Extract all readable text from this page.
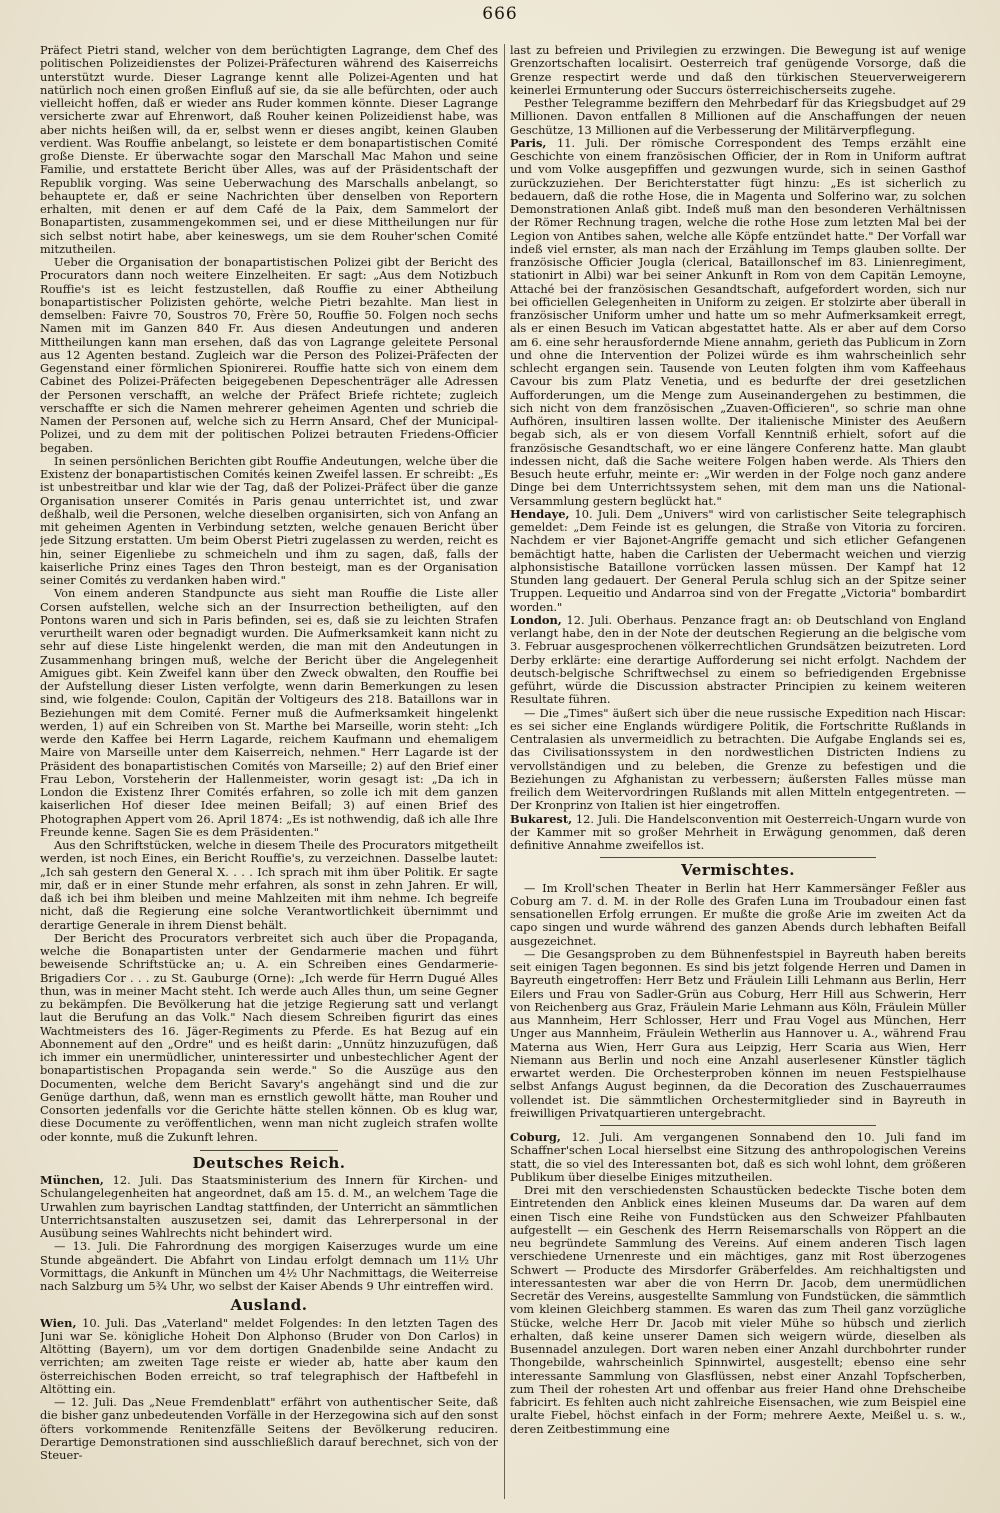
666

Präfect Pietri stand, welcher von dem berüchtigten Lagrange, dem Chef des politischen Polizeidienstes der Polizei-Präfecturen während des Kaiserreichs unterstützt wurde. Dieser Lagrange kennt alle Polizei-Agenten und hat natürlich noch einen großen Einfluß auf sie, da sie alle befürchten, oder auch vielleicht hoffen, daß er wieder ans Ruder kommen könnte. Dieser Lagrange versicherte zwar auf Ehrenwort, daß Rouher keinen Polizeidienst habe, was aber nichts heißen will, da er, selbst wenn er dieses angibt, keinen Glauben verdient. Was Rouffie anbelangt, so leistete er dem bonapartistischen Comité große Dienste. Er überwachte sogar den Marschall Mac Mahon und seine Familie, und erstattete Bericht über Alles, was auf der Präsidentschaft der Republik vorging. Was seine Ueberwachung des Marschalls anbelangt, so behauptete er, daß er seine Nachrichten über denselben von Reportern erhalten, mit denen er auf dem Café de la Paix, dem Sammelort der Bonapartisten, zusammengekommen sei, und er diese Mittheilungen nur für sich selbst notirt habe, aber keineswegs, um sie dem Rouher'schen Comité mitzutheilen.

Ueber die Organisation der bonapartistischen Polizei gibt der Bericht des Procurators dann noch weitere Einzelheiten. Er sagt: „Aus dem Notizbuch Rouffie's ist es leicht festzustellen, daß Rouffie zu einer Abtheilung bonapartistischer Polizisten gehörte, welche Pietri bezahlte. Man liest in demselben: Faivre 70, Soustros 70, Frère 50, Rouffie 50. Folgen noch sechs Namen mit im Ganzen 840 Fr. Aus diesen Andeutungen und anderen Mittheilungen kann man ersehen, daß das von Lagrange geleitete Personal aus 12 Agenten bestand. Zugleich war die Person des Polizei-Präfecten der Gegenstand einer förmlichen Spionirerei. Rouffie hatte sich von einem dem Cabinet des Polizei-Präfecten beigegebenen Depeschenträger alle Adressen der Personen verschafft, an welche der Präfect Briefe richtete; zugleich verschaffte er sich die Namen mehrerer geheimen Agenten und schrieb die Namen der Personen auf, welche sich zu Herrn Ansard, Chef der Municipal-Polizei, und zu dem mit der politischen Polizei betrauten Friedens-Officier begaben.

In seinen persönlichen Berichten gibt Rouffie Andeutungen, welche über die Existenz der bonapartistischen Comités keinen Zweifel lassen. Er schreibt: „Es ist unbestreitbar und klar wie der Tag, daß der Polizei-Präfect über die ganze Organisation unserer Comités in Paris genau unterrichtet ist, und zwar deßhalb, weil die Personen, welche dieselben organisirten, sich von Anfang an mit geheimen Agenten in Verbindung setzten, welche genauen Bericht über jede Sitzung erstatten. Um beim Oberst Pietri zugelassen zu werden, reicht es hin, seiner Eigenliebe zu schmeicheln und ihm zu sagen, daß, falls der kaiserliche Prinz eines Tages den Thron besteigt, man es der Organisation seiner Comités zu verdanken haben wird."

Von einem anderen Standpuncte aus sieht man Rouffie die Liste aller Corsen aufstellen, welche sich an der Insurrection betheiligten, auf den Pontons waren und sich in Paris befinden, sei es, daß sie zu leichten Strafen verurtheilt waren oder begnadigt wurden. Die Aufmerksamkeit kann nicht zu sehr auf diese Liste hingelenkt werden, die man mit den Andeutungen in Zusammenhang bringen muß, welche der Bericht über die Angelegenheit Amigues gibt. Kein Zweifel kann über den Zweck obwalten, den Rouffie bei der Aufstellung dieser Listen verfolgte, wenn darin Bemerkungen zu lesen sind, wie folgende: Coulon, Capitän der Voltigeurs des 218. Bataillons war in Beziehungen mit dem Comité. Ferner muß die Aufmerksamkeit hingelenkt werden, 1) auf ein Schreiben von St. Marthe bei Marseille, worin steht: „Ich werde den Kaffee bei Herrn Lagarde, reichem Kaufmann und ehemaligem Maire von Marseille unter dem Kaiserreich, nehmen." Herr Lagarde ist der Präsident des bonapartistischen Comités von Marseille; 2) auf den Brief einer Frau Lebon, Vorsteherin der Hallenmeister, worin gesagt ist: „Da ich in London die Existenz Ihrer Comités erfahren, so zolle ich mit dem ganzen kaiserlichen Hof dieser Idee meinen Beifall; 3) auf einen Brief des Photographen Appert vom 26. April 1874: „Es ist nothwendig, daß ich alle Ihre Freunde kenne. Sagen Sie es dem Präsidenten."

Aus den Schriftstücken, welche in diesem Theile des Procurators mitgetheilt werden, ist noch Eines, ein Bericht Rouffie's, zu verzeichnen. Dasselbe lautet: „Ich sah gestern den General X. . . . Ich sprach mit ihm über Politik. Er sagte mir, daß er in einer Stunde mehr erfahren, als sonst in zehn Jahren. Er will, daß ich bei ihm bleiben und meine Mahlzeiten mit ihm nehme. Ich begreife nicht, daß die Regierung eine solche Verantwortlichkeit übernimmt und derartige Generale in ihrem Dienst behält.

Der Bericht des Procurators verbreitet sich auch über die Propaganda, welche die Bonapartisten unter der Gendarmerie machen und führt beweisende Schriftstücke an; u. A. ein Schreiben eines Gendarmerie-Brigadiers Cor . . . zu St. Gauburge (Orne): „Ich werde für Herrn Dugué Alles thun, was in meiner Macht steht. Ich werde auch Alles thun, um seine Gegner zu bekämpfen. Die Bevölkerung hat die jetzige Regierung satt und verlangt laut die Berufung an das Volk." Nach diesem Schreiben figurirt das eines Wachtmeisters des 16. Jäger-Regiments zu Pferde. Es hat Bezug auf ein Abonnement auf den „Ordre" und es heißt darin: „Unnütz hinzuzufügen, daß ich immer ein unermüdlicher, uninteressirter und unbestechlicher Agent der bonapartistischen Propaganda sein werde." So die Auszüge aus den Documenten, welche dem Bericht Savary's angehängt sind und die zur Genüge darthun, daß, wenn man es ernstlich gewollt hätte, man Rouher und Consorten jedenfalls vor die Gerichte hätte stellen können. Ob es klug war, diese Documente zu veröffentlichen, wenn man nicht zugleich strafen wollte oder konnte, muß die Zukunft lehren.

Deutsches Reich.

München, 12. Juli. Das Staatsministerium des Innern für Kirchen- und Schulangelegenheiten hat angeordnet, daß am 15. d. M., an welchem Tage die Urwahlen zum bayrischen Landtag stattfinden, der Unterricht an sämmtlichen Unterrichtsanstalten auszusetzen sei, damit das Lehrerpersonal in der Ausübung seines Wahlrechts nicht behindert wird.

— 13. Juli. Die Fahrordnung des morgigen Kaiserzuges wurde um eine Stunde abgeändert. Die Abfahrt von Lindau erfolgt demnach um 11½ Uhr Vormittags, die Ankunft in München um 4½ Uhr Nachmittags, die Weiterreise nach Salzburg um 5¾ Uhr, wo selbst der Kaiser Abends 9 Uhr eintreffen wird.

Ausland.

Wien, 10. Juli. Das „Vaterland" meldet Folgendes: In den letzten Tagen des Juni war Se. königliche Hoheit Don Alphonso (Bruder von Don Carlos) in Altötting (Bayern), um vor dem dortigen Gnadenbilde seine Andacht zu verrichten; am zweiten Tage reiste er wieder ab, hatte aber kaum den österreichischen Boden erreicht, so traf telegraphisch der Haftbefehl in Altötting ein.

— 12. Juli. Das „Neue Fremdenblatt" erfährt von authentischer Seite, daß die bisher ganz unbedeutenden Vorfälle in der Herzegowina sich auf den sonst öfters vorkommende Renitenzfälle Seitens der Bevölkerung reduciren. Derartige Demonstrationen sind ausschließlich darauf berechnet, sich von der Steuer-

last zu befreien und Privilegien zu erzwingen. Die Bewegung ist auf wenige Grenzortschaften localisirt. Oesterreich traf genügende Vorsorge, daß die Grenze respectirt werde und daß den türkischen Steuerverweigerern keinerlei Ermunterung oder Succurs österreichischerseits zugehe.

Pesther Telegramme beziffern den Mehrbedarf für das Kriegsbudget auf 29 Millionen. Davon entfallen 8 Millionen auf die Anschaffungen der neuen Geschütze, 13 Millionen auf die Verbesserung der Militärverpflegung.

Paris, 11. Juli. Der römische Correspondent des Temps erzählt eine Geschichte von einem französischen Officier, der in Rom in Uniform auftrat und vom Volke ausgepfiffen und gezwungen wurde, sich in seinen Gasthof zurückzuziehen. Der Berichterstatter fügt hinzu: „Es ist sicherlich zu bedauern, daß die rothe Hose, die in Magenta und Solferino war, zu solchen Demonstrationen Anlaß gibt. Indeß muß man den besonderen Verhältnissen der Römer Rechnung tragen, welche die rothe Hose zum letzten Mal bei der Legion von Antibes sahen, welche alle Köpfe entzündet hatte." Der Vorfall war indeß viel ernster, als man nach der Erzählung im Temps glauben sollte. Der französische Officier Jougla (clerical, Bataillonschef im 83. Linienregiment, stationirt in Albi) war bei seiner Ankunft in Rom von dem Capitän Lemoyne, Attaché bei der französischen Gesandtschaft, aufgefordert worden, sich nur bei officiellen Gelegenheiten in Uniform zu zeigen. Er stolzirte aber überall in französischer Uniform umher und hatte um so mehr Aufmerksamkeit erregt, als er einen Besuch im Vatican abgestattet hatte. Als er aber auf dem Corso am 6. eine sehr herausfordernde Miene annahm, gerieth das Publicum in Zorn und ohne die Intervention der Polizei würde es ihm wahrscheinlich sehr schlecht ergangen sein. Tausende von Leuten folgten ihm vom Kaffeehaus Cavour bis zum Platz Venetia, und es bedurfte der drei gesetzlichen Aufforderungen, um die Menge zum Auseinandergehen zu bestimmen, die sich nicht von dem französischen „Zuaven-Officieren", so schrie man ohne Aufhören, insultiren lassen wollte. Der italienische Minister des Aeußern begab sich, als er von diesem Vorfall Kenntniß erhielt, sofort auf die französische Gesandtschaft, wo er eine längere Conferenz hatte. Man glaubt indessen nicht, daß die Sache weitere Folgen haben werde. Als Thiers den Besuch heute erfuhr, meinte er: „Wir werden in der Folge noch ganz andere Dinge bei dem Unterrichtssystem sehen, mit dem man uns die National-Versammlung gestern beglückt hat."

Hendaye, 10. Juli. Dem „Univers" wird von carlistischer Seite telegraphisch gemeldet: „Dem Feinde ist es gelungen, die Straße von Vitoria zu forciren. Nachdem er vier Bajonet-Angriffe gemacht und sich etlicher Gefangenen bemächtigt hatte, haben die Carlisten der Uebermacht weichen und vierzig alphonsistische Bataillone vorrücken lassen müssen. Der Kampf hat 12 Stunden lang gedauert. Der General Perula schlug sich an der Spitze seiner Truppen. Lequeitio und Andarroa sind von der Fregatte „Victoria" bombardirt worden."

London, 12. Juli. Oberhaus. Penzance fragt an: ob Deutschland von England verlangt habe, den in der Note der deutschen Regierung an die belgische vom 3. Februar ausgesprochenen völkerrechtlichen Grundsätzen beizutreten. Lord Derby erklärte: eine derartige Aufforderung sei nicht erfolgt. Nachdem der deutsch-belgische Schriftwechsel zu einem so befriedigenden Ergebnisse geführt, würde die Discussion abstracter Principien zu keinem weiteren Resultate führen.

— Die „Times" äußert sich über die neue russische Expedition nach Hiscar: es sei sicher eine Englands würdigere Politik, die Fortschritte Rußlands in Centralasien als unvermeidlich zu betrachten. Die Aufgabe Englands sei es, das Civilisationssystem in den nordwestlichen Districten Indiens zu vervollständigen und zu beleben, die Grenze zu befestigen und die Beziehungen zu Afghanistan zu verbessern; äußersten Falles müsse man freilich dem Weitervordringen Rußlands mit allen Mitteln entgegentreten. — Der Kronprinz von Italien ist hier eingetroffen.

Bukarest, 12. Juli. Die Handelsconvention mit Oesterreich-Ungarn wurde von der Kammer mit so großer Mehrheit in Erwägung genommen, daß deren definitive Annahme zweifellos ist.

Vermischtes.

— Im Kroll'schen Theater in Berlin hat Herr Kammersänger Feßler aus Coburg am 7. d. M. in der Rolle des Grafen Luna im Troubadour einen fast sensationellen Erfolg errungen. Er mußte die große Arie im zweiten Act da capo singen und wurde während des ganzen Abends durch lebhaften Beifall ausgezeichnet.

— Die Gesangsproben zu dem Bühnenfestspiel in Bayreuth haben bereits seit einigen Tagen begonnen. Es sind bis jetzt folgende Herren und Damen in Bayreuth eingetroffen: Herr Betz und Fräulein Lilli Lehmann aus Berlin, Herr Eilers und Frau von Sadler-Grün aus Coburg, Herr Hill aus Schwerin, Herr von Reichenberg aus Graz, Fräulein Marie Lehmann aus Köln, Fräulein Müller aus Mannheim, Herr Schlosser, Herr und Frau Vogel aus München, Herr Unger aus Mannheim, Fräulein Wetherlin aus Hannover u. A., während Frau Materna aus Wien, Herr Gura aus Leipzig, Herr Scaria aus Wien, Herr Niemann aus Berlin und noch eine Anzahl auserlesener Künstler täglich erwartet werden. Die Orchesterproben können im neuen Festspielhause selbst Anfangs August beginnen, da die Decoration des Zuschauerraumes vollendet ist. Die sämmtlichen Orchestermitglieder sind in Bayreuth in freiwilligen Privatquartieren untergebracht.

Coburg, 12. Juli. Am vergangenen Sonnabend den 10. Juli fand im Schaffner'schen Local hierselbst eine Sitzung des anthropologischen Vereins statt, die so viel des Interessanten bot, daß es sich wohl lohnt, dem größeren Publikum über dieselbe Einiges mitzutheilen.

Drei mit den verschiedensten Schaustücken bedeckte Tische boten dem Eintretenden den Anblick eines kleinen Museums dar. Da waren auf dem einen Tisch eine Reihe von Fundstücken aus den Schweizer Pfahlbauten aufgestellt — ein Geschenk des Herrn Reisemarschalls von Röppert an die neu begründete Sammlung des Vereins. Auf einem anderen Tisch lagen verschiedene Urnenreste und ein mächtiges, ganz mit Rost überzogenes Schwert — Producte des Mirsdorfer Gräberfeldes. Am reichhaltigsten und interessantesten war aber die von Herrn Dr. Jacob, dem unermüdlichen Secretär des Vereins, ausgestellte Sammlung von Fundstücken, die sämmtlich vom kleinen Gleichberg stammen. Es waren das zum Theil ganz vorzügliche Stücke, welche Herr Dr. Jacob mit vieler Mühe so hübsch und zierlich erhalten, daß keine unserer Damen sich weigern würde, dieselben als Busennadel anzulegen. Dort waren neben einer Anzahl durchbohrter runder Thongebilde, wahrscheinlich Spinnwirtel, ausgestellt; ebenso eine sehr interessante Sammlung von Glasflüssen, nebst einer Anzahl Topfscherben, zum Theil der rohesten Art und offenbar aus freier Hand ohne Drehscheibe fabricirt. Es fehlten auch nicht zahlreiche Eisensachen, wie zum Beispiel eine uralte Fiebel, höchst einfach in der Form; mehrere Aexte, Meißel u. s. w., deren Zeitbestimmung eine
